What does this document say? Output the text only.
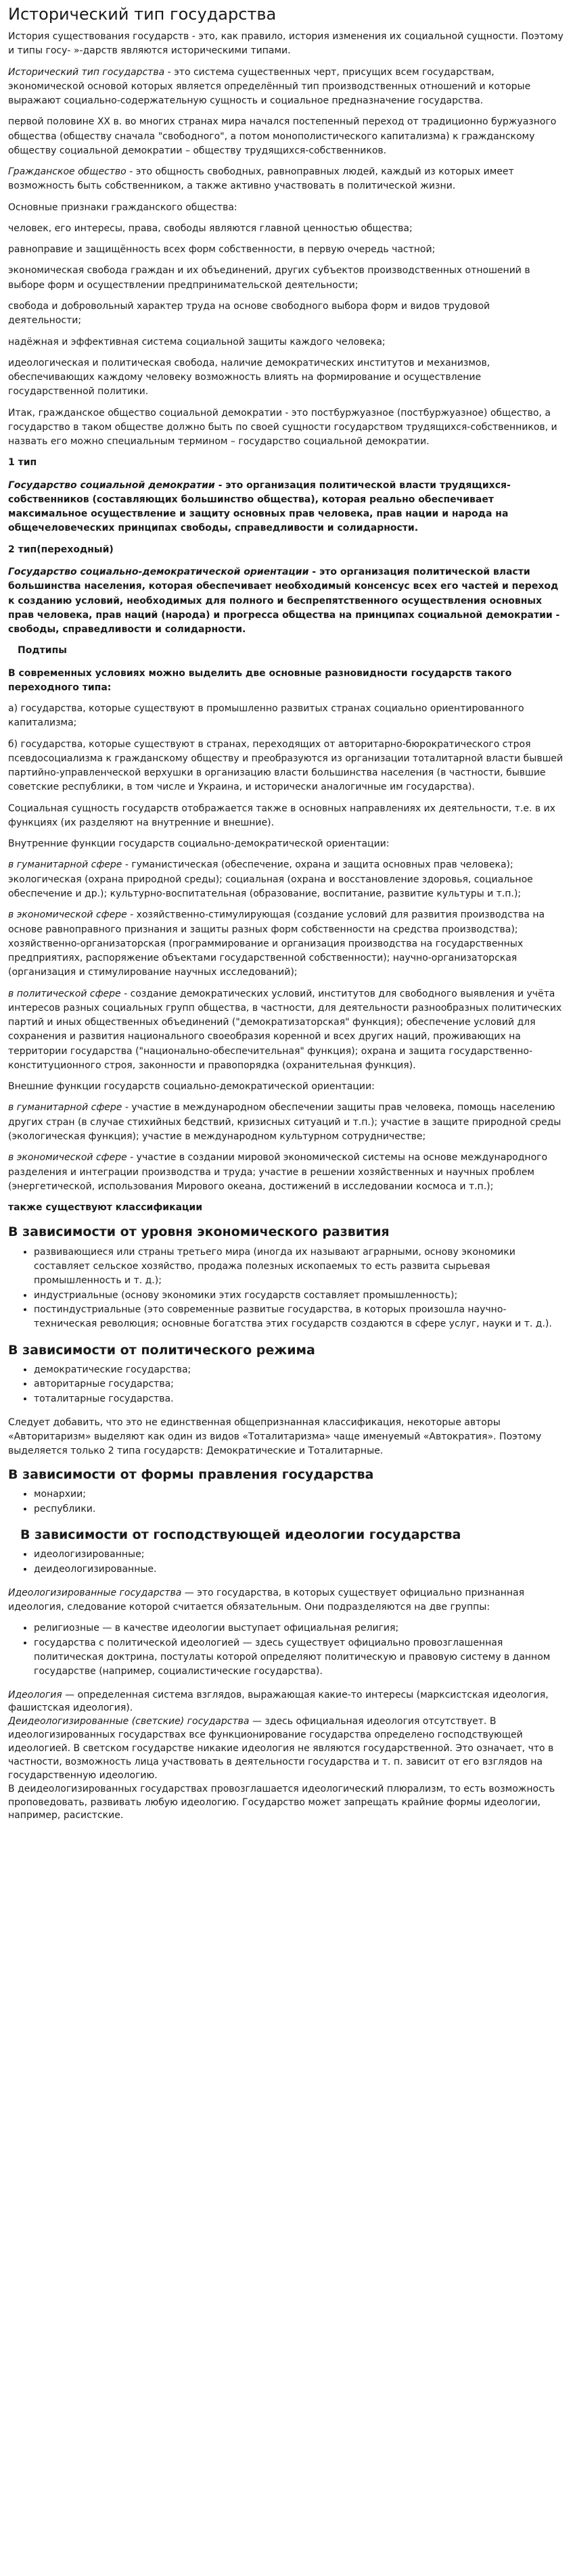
Исторический тип государства

История существования государств - это, как правило, история изменения их социальной сущности. Поэтому и типы госу- »-дарств являются историческими типами.

Исторический тип государства - это система существенных черт, присущих всем государствам, экономической основой которых является определённый тип производственных отношений и которые выражают социально-содержательную сущность и социальное предназначение государства.

первой половине XX в. во многих странах мира начался постепенный переход от традиционно буржуазного общества (обществу сначала "свободного", а потом монополистического капитализма) к гражданскому обществу социальной демократии – обществу трудящихся-собственников.

Гражданское общество - это общность свободных, равноправных людей, каждый из которых имеет возможность быть собственником, а также активно участвовать в политической жизни.

Основные признаки гражданского общества:

человек, его интересы, права, свободы являются главной ценностью общества;

равноправие и защищённость всех форм собственности, в первую очередь частной;

экономическая свобода граждан и их объединений, других субъектов производственных отношений в выборе форм и осуществлении предпринимательской деятельности;

свобода и добровольный характер труда на основе свободного выбора форм и видов трудовой деятельности;

надёжная и эффективная система социальной защиты каждого человека;

идеологическая и политическая свобода, наличие демократических институтов и механизмов, обеспечивающих каждому человеку возможность влиять на формирование и осуществление государственной политики.

Итак, гражданское общество социальной демократии - это постбуржуазное (постбуржуазное) общество, а государство в таком обществе должно быть по своей сущности государством трудящихся-собственников, и назвать его можно специальным термином – государство социальной демократии.

1 тип

Государство социальной демократии - это организация политической власти трудящихся-собственников (составляющих большинство общества), которая реально обеспечивает максимальное осуществление и защиту основных прав человека, прав нации и народа на общечеловеческих принципах свободы, справедливости и солидарности.

2 тип(переходный)

Государство социально-демократической ориентации - это организация политической власти большинства населения, которая обеспечивает необходимый консенсус всех его частей и переход к созданию условий, необходимых для полного и беспрепятственного осуществления основных прав человека, прав наций (народа) и прогресса общества на принципах социальной демократии - свободы, справедливости и солидарности.

Подтипы

В современных условиях можно выделить две основные разновидности государств такого переходного типа:

а) государства, которые существуют в промышленно развитых странах социально ориентированного капитализма;

б) государства, которые существуют в странах, переходящих от авторитарно-бюрократического строя псевдосоциализма к гражданскому обществу и преобразуются из организации тоталитарной власти бывшей партийно-управленческой верхушки в организацию власти большинства населения (в частности, бывшие советские республики, в том числе и Украина, и исторически аналогичные им государства).

Социальная сущность государств отображается также в основных направлениях их деятельности, т.е. в их функциях (их разделяют на внутренние и внешние).

Внутренние функции государств социально-демократической ориентации:

в гуманитарной сфере - гуманистическая (обеспечение, охрана и защита основных прав человека); экологическая (охрана природной среды); социальная (охрана и восстановление здоровья, социальное обеспечение и др.); культурно-воспитательная (образование, воспитание, развитие культуры и т.п.);

в экономической сфере - хозяйственно-стимулирующая (создание условий для развития производства на основе равноправного признания и защиты разных форм собственности на средства производства); хозяйственно-организаторская (программирование и организация производства на государственных предприятиях, распоряжение объектами государственной собственности); научно-организаторская (организация и стимулирование научных исследований);

в политической сфере - создание демократических условий, институтов для свободного выявления и учёта интересов разных социальных групп общества, в частности, для деятельности разнообразных политических партий и иных общественных объединений ("демократизаторская" функция); обеспечение условий для сохранения и развития национального своеобразия коренной и всех других наций, проживающих на территории государства ("национально-обеспечительная" функция); охрана и защита государственно-конституционного строя, законности и правопорядка (охранительная функция).

Внешние функции государств социально-демократической ориентации:

в гуманитарной сфере - участие в международном обеспечении защиты прав человека, помощь населению других стран (в случае стихийных бедствий, кризисных ситуаций и т.п.); участие в защите природной среды (экологическая функция); участие в международном культурном сотрудничестве;

в экономической сфере - участие в создании мировой экономической системы на основе международного разделения и интеграции производства и труда; участие в решении хозяйственных и научных проблем (энергетической, использования Мирового океана, достижений в исследовании космоса и т.п.);

также существуют классификации

В зависимости от уровня экономического развития
• развивающиеся или страны третьего мира (иногда их называют аграрными, основу экономики составляет сельское хозяйство, продажа полезных ископаемых то есть развита сырьевая промышленность и т. д.);
• индустриальные (основу экономики этих государств составляет промышленность);
• постиндустриальные (это современные развитые государства, в которых произошла научно-техническая революция; основные богатства этих государств создаются в сфере услуг, науки и т. д.).
В зависимости от политического режима
• демократические государства;
• авторитарные государства;
• тоталитарные государства.

Следует добавить, что это не единственная общепризнанная классификация, некоторые авторы «Авторитаризм» выделяют как один из видов «Тоталитаризма» чаще именуемый «Автократия». Поэтому выделяется только 2 типа государств: Демократические и Тоталитарные.

В зависимости от формы правления государства
• монархии;
• республики.
В зависимости от господствующей идеологии государства
• идеологизированные;
• деидеологизированные.

Идеологизированные государства — это государства, в которых существует официально признанная идеология, следование которой считается обязательным. Они подразделяются на две группы:

• религиозные — в качестве идеологии выступает официальная религия;
• государства с политической идеологией — здесь существует официально провозглашенная политическая доктрина, постулаты которой определяют политическую и правовую систему в данном государстве (например, социалистические государства).

Идеология — определенная система взглядов, выражающая какие-то интересы (марксистская идеология, фашистская идеология).

Деидеологизированные (светские) государства — здесь официальная идеология отсутствует. В идеологизированных государствах все функционирование государства определено господствующей идеологией. В светском государстве никакие идеология не являются государственной. Это означает, что в частности, возможность лица участвовать в деятельности государства и т. п. зависит от его взглядов на государственную идеологию.

В деидеологизированных государствах провозглашается идеологический плюрализм, то есть возможность проповедовать, развивать любую идеологию. Государство может запрещать крайние формы идеологии, например, расистские.
